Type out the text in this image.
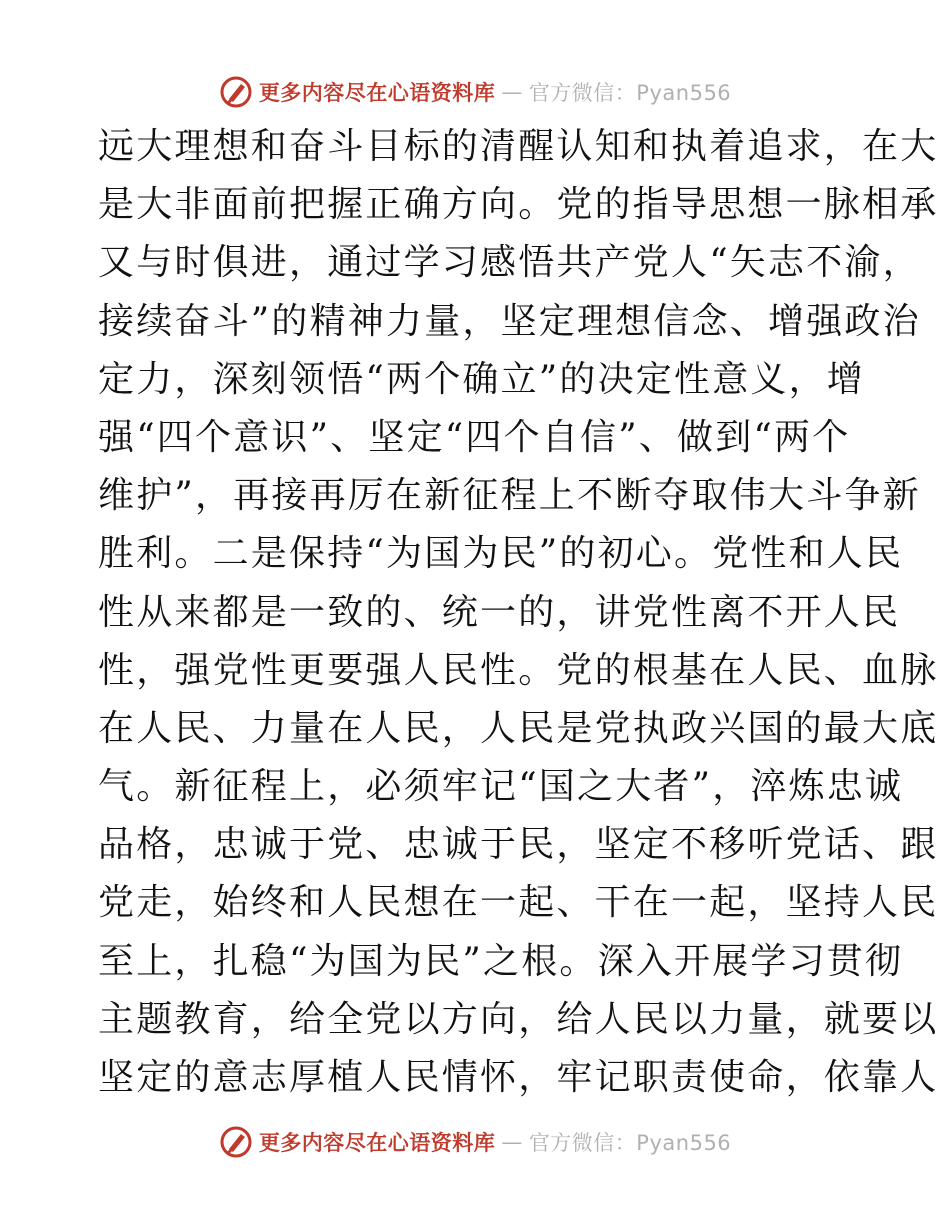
更多内容尽在心语资料库 — 官方微信：Pyan556
远大理想和奋斗目标的清醒认知和执着追求，在大
是大非面前把握正确方向。党的指导思想一脉相承
又与时俱进，通过学习感悟共产党人“矢志不渝，
接续奋斗”的精神力量，坚定理想信念、增强政治
定力，深刻领悟“两个确立”的决定性意义，增
强“四个意识”、坚定“四个自信”、做到“两个
维护”，再接再厉在新征程上不断夺取伟大斗争新
胜利。二是保持“为国为民”的初心。党性和人民
性从来都是一致的、统一的，讲党性离不开人民
性，强党性更要强人民性。党的根基在人民、血脉
在人民、力量在人民，人民是党执政兴国的最大底
气。新征程上，必须牢记“国之大者”，淬炼忠诚
品格，忠诚于党、忠诚于民，坚定不移听党话、跟
党走，始终和人民想在一起、干在一起，坚持人民
至上，扎稳“为国为民”之根。深入开展学习贯彻
主题教育，给全党以方向，给人民以力量，就要以
坚定的意志厚植人民情怀，牢记职责使命，依靠人
更多内容尽在心语资料库 — 官方微信：Pyan556
